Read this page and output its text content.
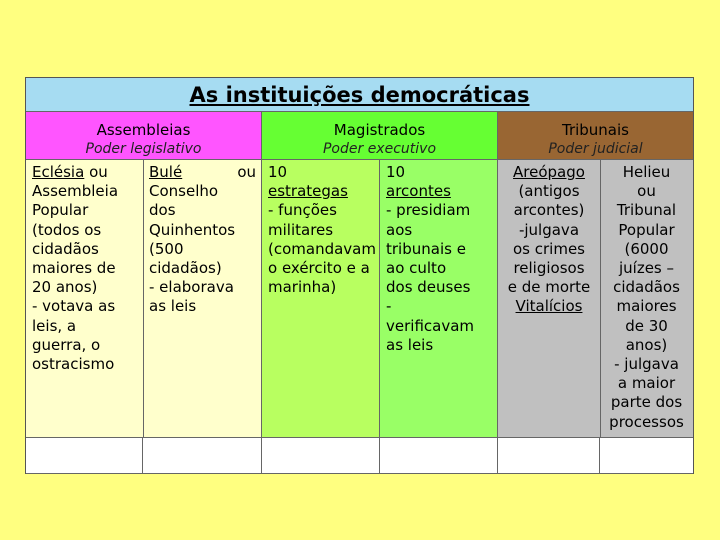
As instituições democráticas
Assembleias
Poder legislativo
Magistrados
Poder executivo
Tribunais
Poder judicial
Eclésia ou
Assembleia
Popular
(todos os
cidadãos
maiores de
20 anos)
- votava as
leis, a
guerra, o
ostracismo
Bulé	ou
Conselho
dos
Quinhentos
(500
cidadãos)
- elaborava
as leis
10
estrategas
- funções
militares
(comandavam
o exército e a
marinha)
10
arcontes
- presidiam
aos
tribunais e
ao culto
dos deuses
-
verificavam
as leis
Areópago
(antigos
arcontes)
-julgava
os crimes
religiosos
e de morte
Vitalícios
Helieu
ou
Tribunal
Popular
(6000
juízes –
cidadãos
maiores
de 30
anos)
- julgava
a maior
parte dos
processos
